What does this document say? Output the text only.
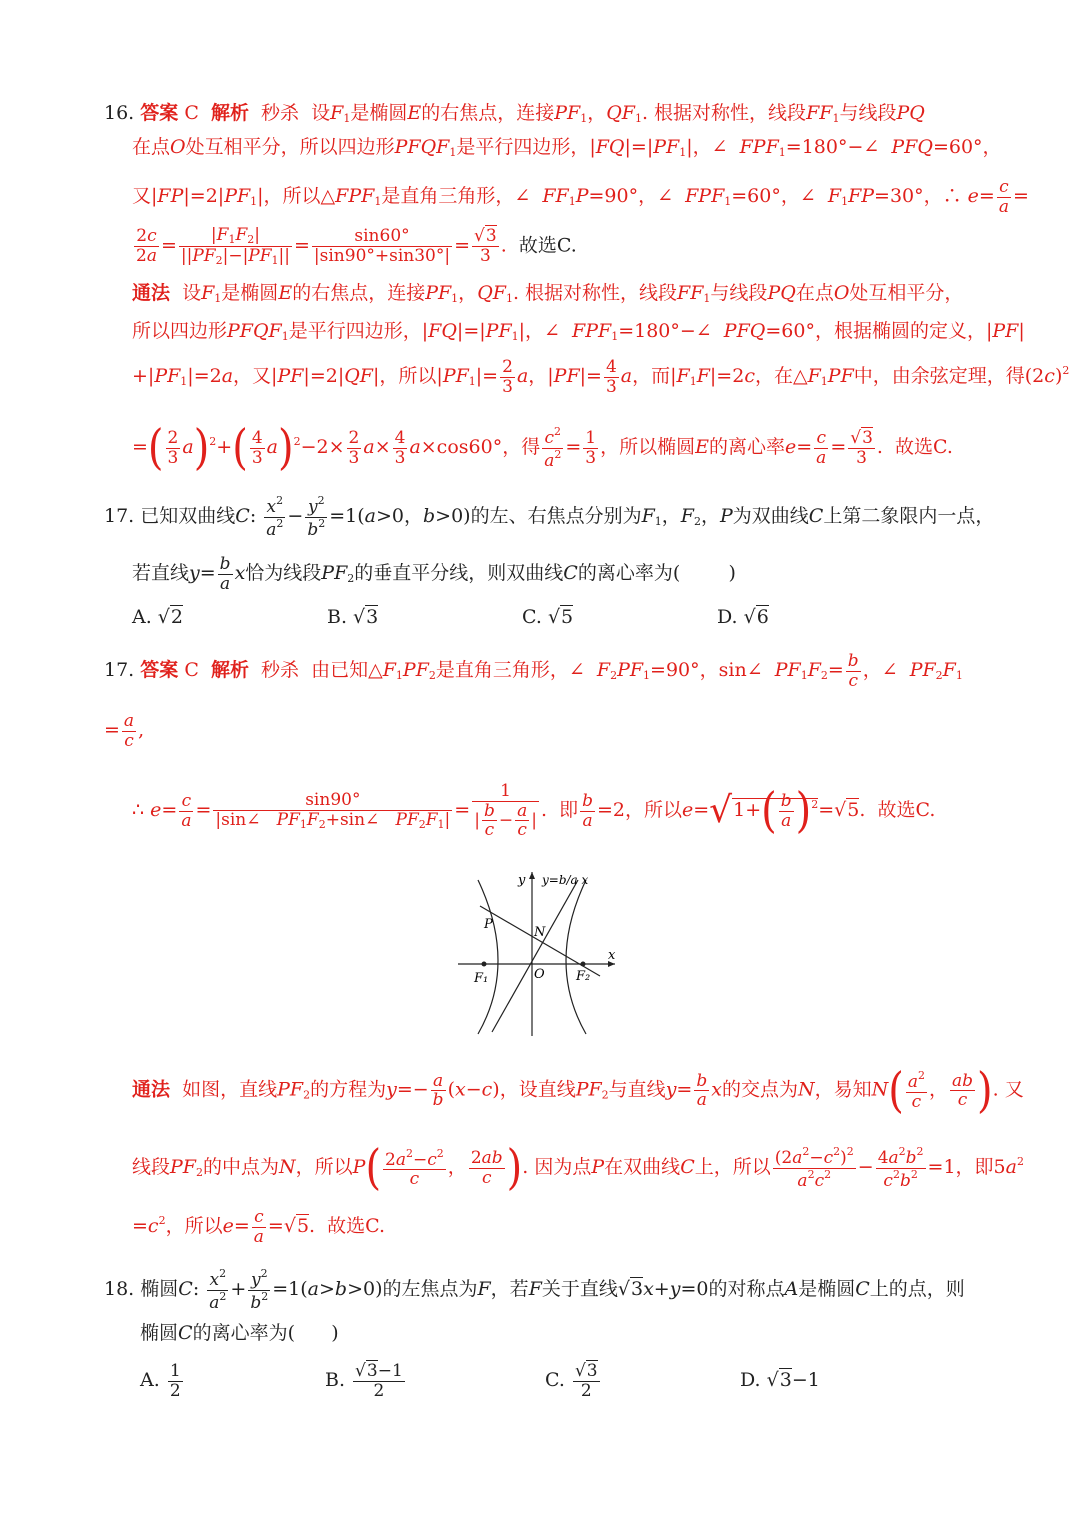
16. 答案 C  解析  秒杀  设$F_1$是椭圆E的右焦点，连接$PF_1$，$QF_1$. 根据对称性，线段$FF_1$与线段PQ
在点O处互相平分，所以四边形$PFQF_1$是平行四边形，$|FQ|=|PF_1|$，∠  $FPF_1=180^\circ-\angle$  PFQ=60°，
又$|FP|=2|PF_1|$，所以$\triangle FPF_1$是直角三角形，∠  $FF_1P=90^\circ$，∠  $FPF_1=60^\circ$，∠  $F_1FP=30^\circ$，∴ $e= \frac{c}{a}$ =
$\frac{2c}{2a} = \frac{|F_1F_2|}{||PF_2|-|PF_1||} = \frac{\sin 60^\circ}{|\sin 90^\circ+\sin 30^\circ|} = \frac{√3}{3}$ .  故选C.
通法  设$F_1$是椭圆E的右焦点，连接$PF_1$，$QF_1$. 根据对称性，线段$FF_1$与线段PQ在点O处互相平分，
所以四边形$PFQF_1$是平行四边形，$|FQ|=|PF_1|$，∠  $FPF_1=180^\circ-\angle$  PFQ=60°，根据椭圆的定义，|PF|
$+|PF_1|=2a$，又|PF|=2|QF|，所以$|PF_1|= \frac{2}{3}$ a，$|PF|= \frac{4}{3}$ a，而$|F_1F|=2c$，在$\triangle F_1PF$中，由余弦定理，得$(2c)^2$
=( $\frac{2}{3} a)^2+( \frac{4}{3} a)^2-2\times \frac{2}{3} a\times \frac{4}{3} a\times\cos 60^\circ$，得 $\frac{c^2}{a^2} = \frac{1}{3}$ ，所以椭圆E的离心率$e= \frac{c}{a} = \frac{√3}{3}$ .  故选C.
17. 已知双曲线C: $\frac{x^2}{a^2} - \frac{y^2}{b^2} =1(a>0$，b>0)的左、右焦点分别为$F_1$，$F_2$，P为双曲线C上第二象限内一点，
若直线$y= \frac{b}{a}$ x恰为线段$PF_2$的垂直平分线，则双曲线C的离心率为(        )
A. √2	B. √3	C. √5	D. √6
17. 答案 C  解析  秒杀  由已知$\triangle F_1PF_2$是直角三角形，∠  $F_2PF_1=90^\circ$，sin∠  $PF_1F_2= \frac{b}{c}$ ，∠  $PF_2F_1$
= $\frac{a}{c}$ ,
∴ $e= \frac{c}{a} = \frac{\sin 90^\circ}{|\sin\angle PF_1F_2+\sin\angle PF_2F_1|} = \frac{1}{| \frac{b}{c} - \frac{a}{c} |}$ .  即 $\frac{b}{a} =2$，所以$e=√1+( \frac{b}{a} )^2=√5$.  故选C.
y y=b/a x
x
P
N
F₁	O F₂
通法  如图，直线$PF_2$的方程为$y=- \frac{a}{b} (x-c)$，设直线$PF_2$与直线$y= \frac{b}{a}$ x的交点为N，易知$N( \frac{a^2}{c}$ ， $\frac{ab}{c}$ ). 又
线段$PF_2$的中点为N，所以$P( \frac{2a^2-c^2}{c}$ ， $\frac{2ab}{c}$ ). 因为点P在双曲线C上，所以 $\frac{(2a^2-c^2)^2}{a^2c^2} - \frac{4a^2b^2}{c^2b^2} =1$，即$5a^2$
$=c^2$，所以$e= \frac{c}{a} =√5$.  故选C.
18. 椭圆C: $\frac{x^2}{a^2} + \frac{y^2}{b^2} =1(a>b>0)$的左焦点为F，若F关于直线√3x+y=0的对称点A是椭圆C上的点，则
椭圆C的离心率为(      )
A. $\frac{1}{2}$	B. $\frac{√3-1}{2}$	C. $\frac{√3}{2}$	D. √3−1
